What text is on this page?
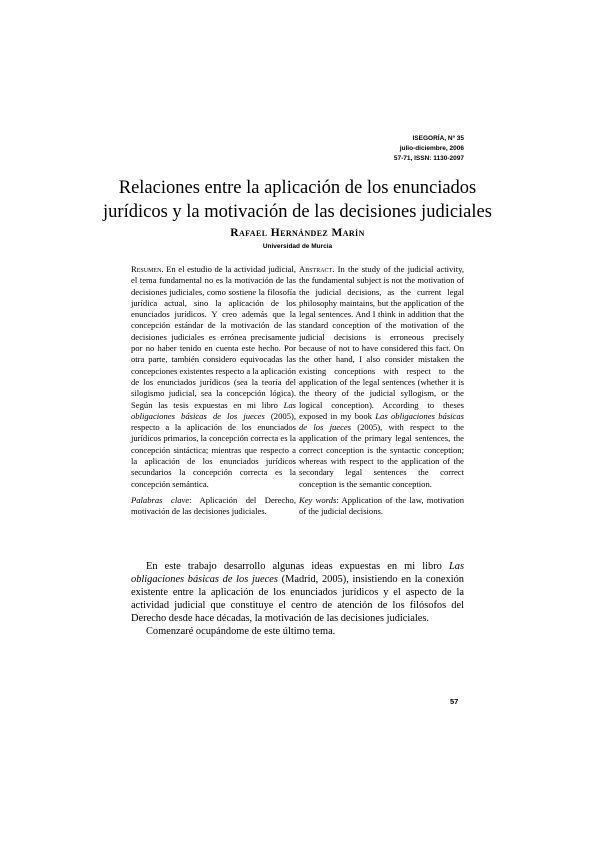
ISEGORÍA, Nº 35
julio-diciembre, 2006
57-71, ISSN: 1130-2097
Relaciones entre la aplicación de los enunciados
jurídicos y la motivación de las decisiones judiciales
Rafael Hernández Marín
Universidad de Murcia

Resumen. En el estudio de la actividad judicial, el tema fundamental no es la motivación de las decisiones judiciales, como sostiene la filosofía jurídica actual, sino la aplicación de los enunciados jurídicos. Y creo además que la concepción estándar de la motivación de las decisiones judiciales es errónea precisamente por no haber tenido en cuenta este hecho. Por otra parte, también considero equivocadas las concepciones existentes respecto a la aplicación de los enunciados jurídicos (sea la teoría del silogismo judicial, sea la concepción lógica). Según las tesis expuestas en mi libro Las obligaciones básicas de los jueces (2005), respecto a la aplicación de los enunciados jurídicos primarios, la concepción correcta es la concepción sintáctica; mientras que respecto a la aplicación de los enunciados jurídicos secundarios la concepción correcta es la concepción semántica.

Palabras clave: Aplicación del Derecho, motivación de las decisiones judiciales.

Abstract. In the study of the judicial activity, the fundamental subject is not the motivation of the judicial decisions, as the current legal philosophy maintains, but the application of the legal sentences. And I think in addition that the standard conception of the motivation of the judicial decisions is erroneous precisely because of not to have considered this fact. On the other hand, I also consider mistaken the existing conceptions with respect to the application of the legal sentences (whether it is the theory of the judicial syllogism, or the logical conception). According to theses exposed in my book Las obligaciones básicas de los jueces (2005), with respect to the application of the primary legal sentences, the correct conception is the syntactic conception; whereas with respect to the application of the secondary legal sentences the correct conception is the semantic conception.

Key words: Application of the law, motivation of the judicial decisions.

En este trabajo desarrollo algunas ideas expuestas en mi libro Las obligaciones básicas de los jueces (Madrid, 2005), insistiendo en la conexión existente entre la aplicación de los enunciados jurídicos y el aspecto de la actividad judicial que constituye el centro de atención de los filósofos del Derecho desde hace décadas, la motivación de las decisiones judiciales.

Comenzaré ocupándome de este último tema.

57
